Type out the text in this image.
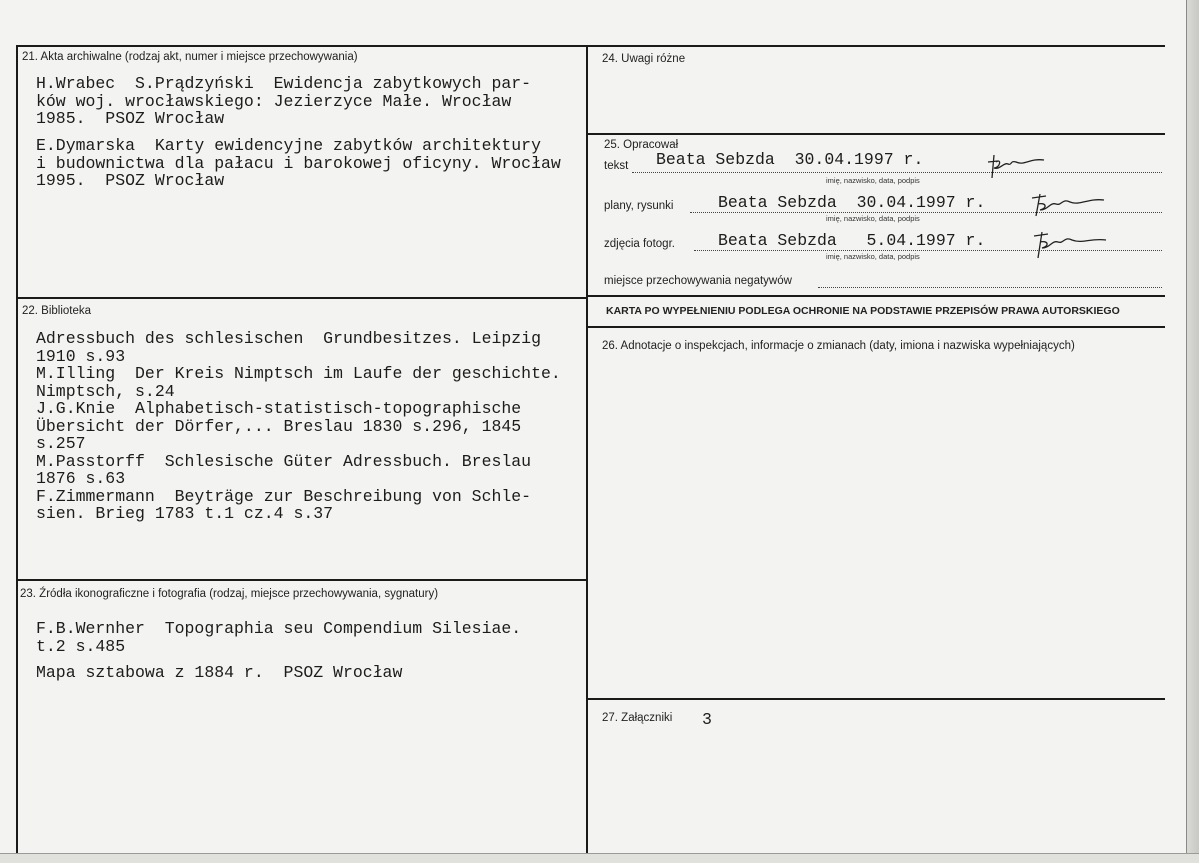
21. Akta archiwalne (rodzaj akt, numer i miejsce przechowywania)
H.Wrabec  S.Prądzyński  Ewidencja zabytkowych par-
ków woj. wrocławskiego: Jezierzyce Małe. Wrocław
1985.  PSOZ Wrocław
E.Dymarska  Karty ewidencyjne zabytków architektury
i budownictwa dla pałacu i barokowej oficyny. Wrocław
1995.  PSOZ Wrocław
22. Biblioteka
Adressbuch des schlesischen  Grundbesitzes. Leipzig
1910 s.93
M.Illing  Der Kreis Nimptsch im Laufe der geschichte.
Nimptsch, s.24
J.G.Knie  Alphabetisch-statistisch-topographische
Übersicht der Dörfer,... Breslau 1830 s.296, 1845
s.257
M.Passtorff  Schlesische Güter Adressbuch. Breslau
1876 s.63
F.Zimmermann  Beyträge zur Beschreibung von Schle-
sien. Brieg 1783 t.1 cz.4 s.37
23. Źródła ikonograficzne i fotografia (rodzaj, miejsce przechowywania, sygnatury)
F.B.Wernher  Topographia seu Compendium Silesiae.
t.2 s.485
Mapa sztabowa z 1884 r.  PSOZ Wrocław
24. Uwagi różne
25. Opracował
tekst Beata Sebzda  30.04.1997 r.
imię, nazwisko, data, podpis
plany, rysunki	Beata Sebzda  30.04.1997 r.
imię, nazwisko, data, podpis
zdjęcia fotogr.	Beata Sebzda   5.04.1997 r.
imię, nazwisko, data, podpis
miejsce przechowywania negatywów
KARTA PO WYPEŁNIENIU PODLEGA OCHRONIE NA PODSTAWIE PRZEPISÓW PRAWA AUTORSKIEGO
26. Adnotacje o inspekcjach, informacje o zmianach (daty, imiona i nazwiska wypełniających)
27. Załączniki 3
